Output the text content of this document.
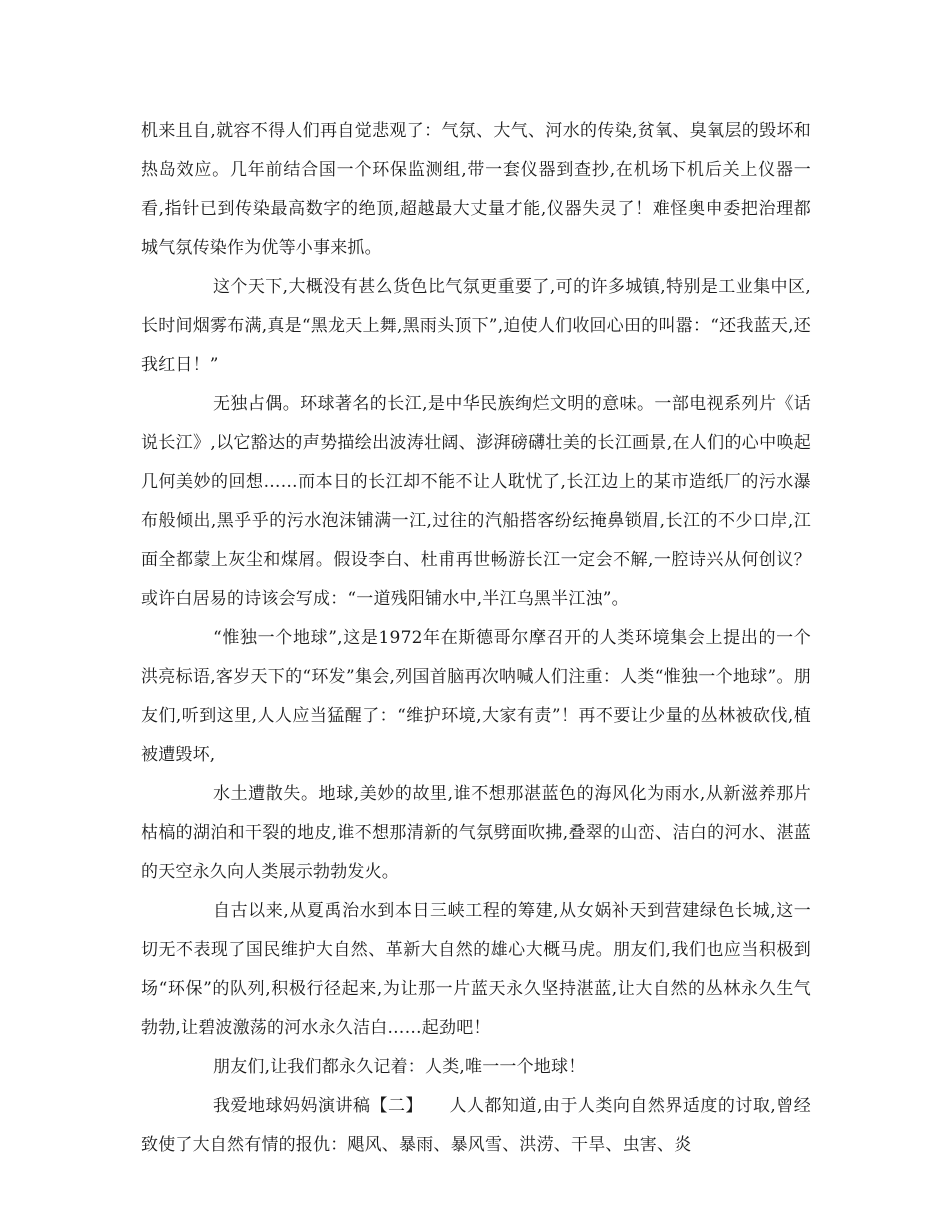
机来且自,就容不得人们再自觉悲观了：气氛、大气、河水的传染,贫氧、臭氧层的毁坏和热岛效应。几年前结合国一个环保监测组,带一套仪器到查抄,在机场下机后关上仪器一看,指针已到传染最高数字的绝顶,超越最大丈量才能,仪器失灵了！难怪奥申委把治理都城气氛传染作为优等小事来抓。

这个天下,大概没有甚么货色比气氛更重要了,可的许多城镇,特别是工业集中区,长时间烟雾布满,真是“黑龙天上舞,黑雨头顶下”,迫使人们收回心田的叫嚣：“还我蓝天,还我红日！”

无独占偶。环球著名的长江,是中华民族绚烂文明的意味。一部电视系列片《话说长江》,以它豁达的声势描绘出波涛壮阔、澎湃磅礴壮美的长江画景,在人们的心中唤起几何美妙的回想……而本日的长江却不能不让人耽忧了,长江边上的某市造纸厂的污水瀑布般倾出,黑乎乎的污水泡沫铺满一江,过往的汽船搭客纷纭掩鼻锁眉,长江的不少口岸,江面全都蒙上灰尘和煤屑。假设李白、杜甫再世畅游长江一定会不解,一腔诗兴从何创议？或许白居易的诗该会写成：“一道残阳铺水中,半江乌黑半江浊”。

“惟独一个地球”,这是1972年在斯德哥尔摩召开的人类环境集会上提出的一个洪亮标语,客岁天下的“环发”集会,列国首脑再次呐喊人们注重：人类“惟独一个地球”。朋友们,听到这里,人人应当猛醒了：“维护环境,大家有责”！再不要让少量的丛林被砍伐,植被遭毁坏,

水土遭散失。地球,美妙的故里,谁不想那湛蓝色的海风化为雨水,从新滋养那片枯槁的湖泊和干裂的地皮,谁不想那清新的气氛劈面吹拂,叠翠的山峦、洁白的河水、湛蓝的天空永久向人类展示勃勃发火。

自古以来,从夏禹治水到本日三峡工程的筹建,从女娲补天到营建绿色长城,这一切无不表现了国民维护大自然、革新大自然的雄心大概马虎。朋友们,我们也应当积极到场“环保”的队列,积极行径起来,为让那一片蓝天永久坚持湛蓝,让大自然的丛林永久生气勃勃,让碧波激荡的河水永久洁白……起劲吧！

朋友们,让我们都永久记着：人类,唯一一个地球！

我爱地球妈妈演讲稿【二】　　人人都知道,由于人类向自然界适度的讨取,曾经致使了大自然有情的报仇：飓风、暴雨、暴风雪、洪涝、干旱、虫害、炎
